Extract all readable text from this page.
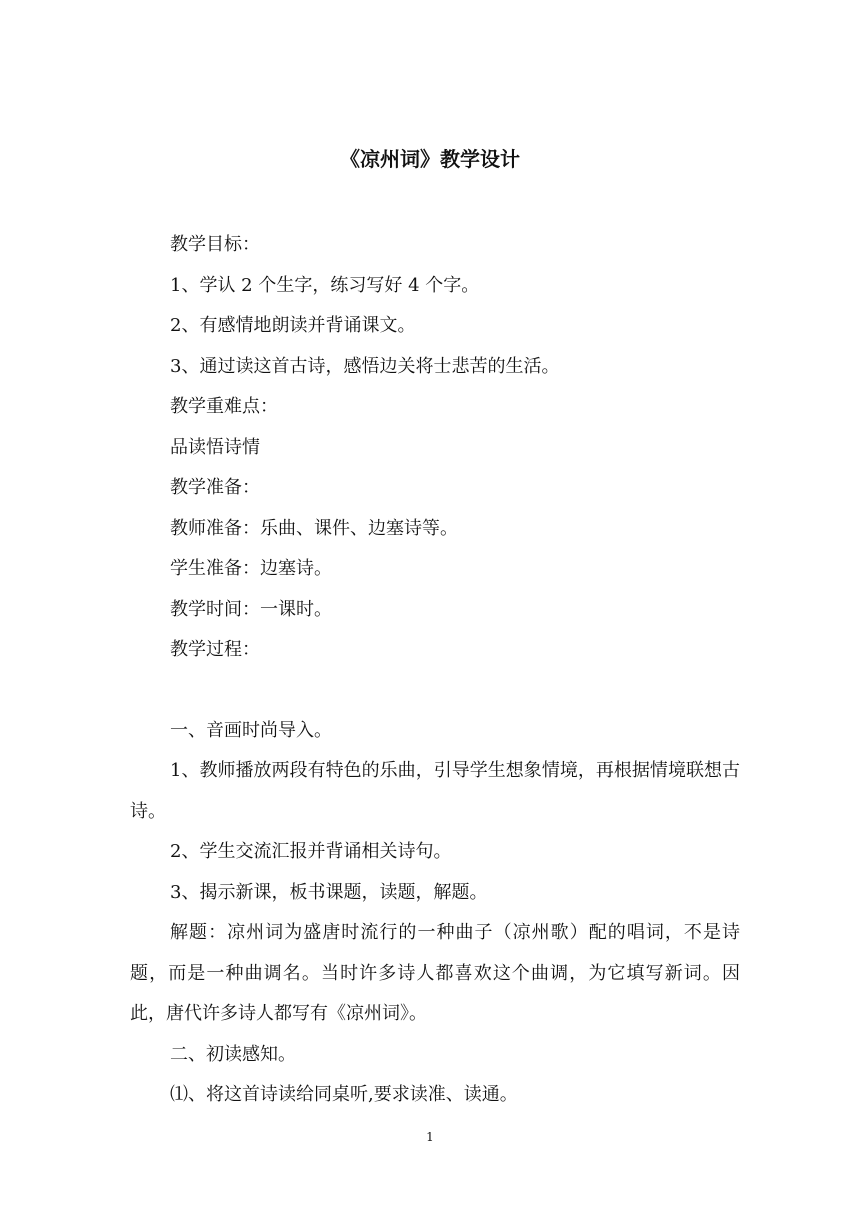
《凉州词》教学设计

教学目标：

1、学认 2 个生字，练习写好 4 个字。

2、有感情地朗读并背诵课文。

3、通过读这首古诗，感悟边关将士悲苦的生活。

教学重难点：

品读悟诗情

教学准备：

教师准备：乐曲、课件、边塞诗等。

学生准备：边塞诗。

教学时间：一课时。

教学过程：

一、音画时尚导入。

1、教师播放两段有特色的乐曲，引导学生想象情境，再根据情境联想古诗。

2、学生交流汇报并背诵相关诗句。

3、揭示新课，板书课题，读题，解题。

解题：凉州词为盛唐时流行的一种曲子（凉州歌）配的唱词，不是诗题，而是一种曲调名。当时许多诗人都喜欢这个曲调，为它填写新词。因此，唐代许多诗人都写有《凉州词》。

二、初读感知。

⑴、将这首诗读给同桌听,要求读准、读通。

1
